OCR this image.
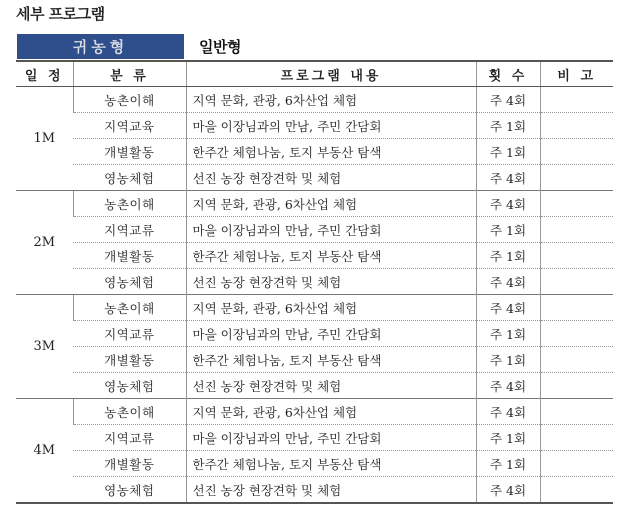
세부 프로그램
귀농형	일반형
일 정	분 류	프로그램 내용	횟 수	비 고
1M	농촌이해	지역 문화, 관광, 6차산업 체험	주 4회	
	지역교육	마을 이장님과의 만남, 주민 간담회	주 1회	
	개별활동	한주간 체험나눔, 토지 부동산 탐색	주 1회	
	영농체험	선진 농장 현장견학 및 체험	주 4회	
2M	농촌이해	지역 문화, 관광, 6차산업 체험	주 4회	
	지역교류	마을 이장님과의 만남, 주민 간담회	주 1회	
	개별활동	한주간 체험나눔, 토지 부동산 탐색	주 1회	
	영농체험	선진 농장 현장견학 및 체험	주 4회	
3M	농촌이해	지역 문화, 관광, 6차산업 체험	주 4회	
	지역교류	마을 이장님과의 만남, 주민 간담회	주 1회	
	개별활동	한주간 체험나눔, 토지 부동산 탐색	주 1회	
	영농체험	선진 농장 현장견학 및 체험	주 4회	
4M	농촌이해	지역 문화, 관광, 6차산업 체험	주 4회	
	지역교류	마을 이장님과의 만남, 주민 간담회	주 1회	
	개별활동	한주간 체험나눔, 토지 부동산 탐색	주 1회	
	영농체험	선진 농장 현장견학 및 체험	주 4회	
